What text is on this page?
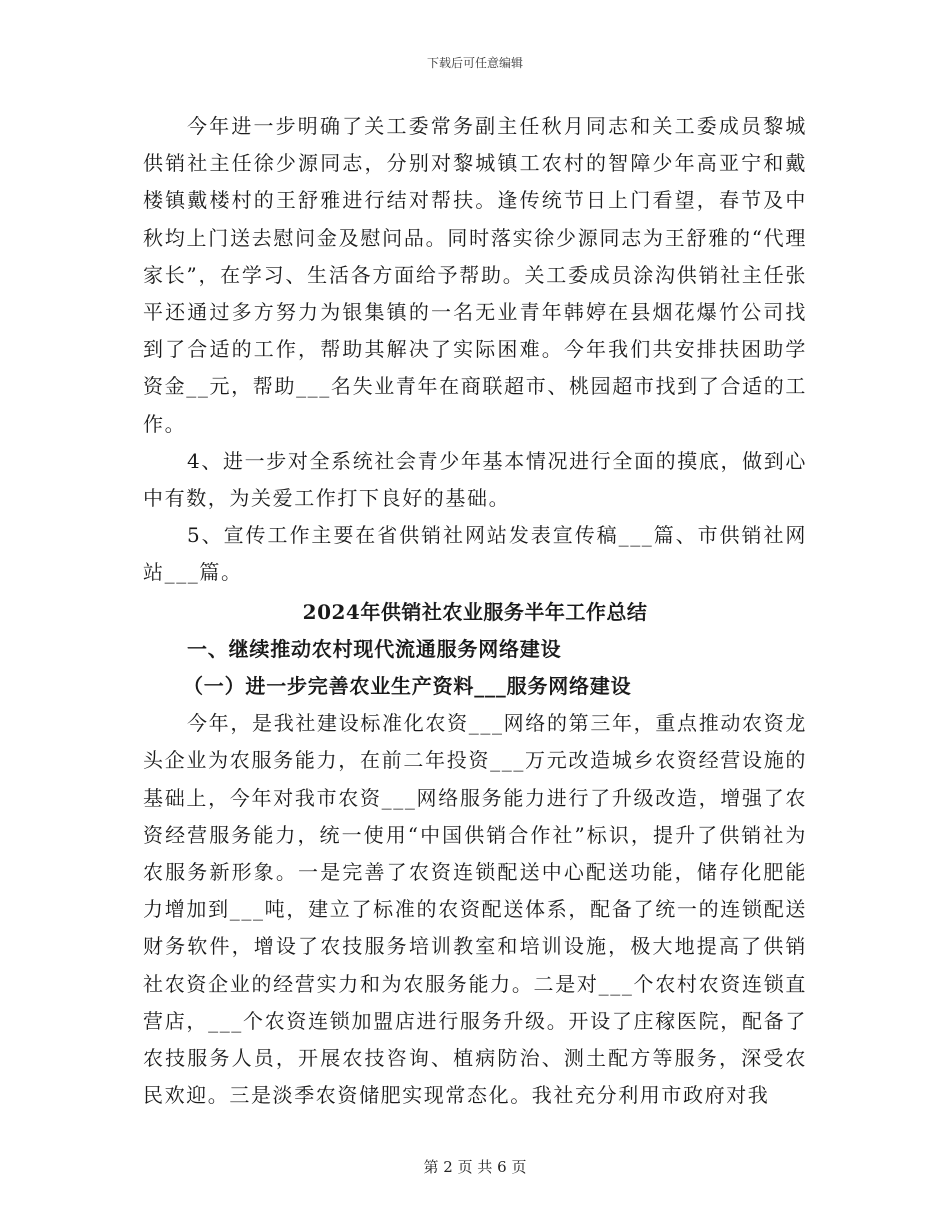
下载后可任意编辑

今年进一步明确了关工委常务副主任秋月同志和关工委成员黎城供销社主任徐少源同志，分别对黎城镇工农村的智障少年高亚宁和戴楼镇戴楼村的王舒雅进行结对帮扶。逢传统节日上门看望，春节及中秋均上门送去慰问金及慰问品。同时落实徐少源同志为王舒雅的“代理家长”，在学习、生活各方面给予帮助。关工委成员涂沟供销社主任张平还通过多方努力为银集镇的一名无业青年韩婷在县烟花爆竹公司找到了合适的工作，帮助其解决了实际困难。今年我们共安排扶困助学资金__元，帮助___名失业青年在商联超市、桃园超市找到了合适的工作。

4、进一步对全系统社会青少年基本情况进行全面的摸底，做到心中有数，为关爱工作打下良好的基础。

5、宣传工作主要在省供销社网站发表宣传稿___篇、市供销社网站___篇。

2024年供销社农业服务半年工作总结

一、继续推动农村现代流通服务网络建设

（一）进一步完善农业生产资料___服务网络建设

今年，是我社建设标准化农资___网络的第三年，重点推动农资龙头企业为农服务能力，在前二年投资___万元改造城乡农资经营设施的基础上，今年对我市农资___网络服务能力进行了升级改造，增强了农资经营服务能力，统一使用“中国供销合作社”标识，提升了供销社为农服务新形象。一是完善了农资连锁配送中心配送功能，储存化肥能力增加到___吨，建立了标准的农资配送体系，配备了统一的连锁配送财务软件，增设了农技服务培训教室和培训设施，极大地提高了供销社农资企业的经营实力和为农服务能力。二是对___个农村农资连锁直营店，___个农资连锁加盟店进行服务升级。开设了庄稼医院，配备了农技服务人员，开展农技咨询、植病防治、测土配方等服务，深受农民欢迎。三是淡季农资储肥实现常态化。我社充分利用市政府对我

第 2 页 共 6 页
